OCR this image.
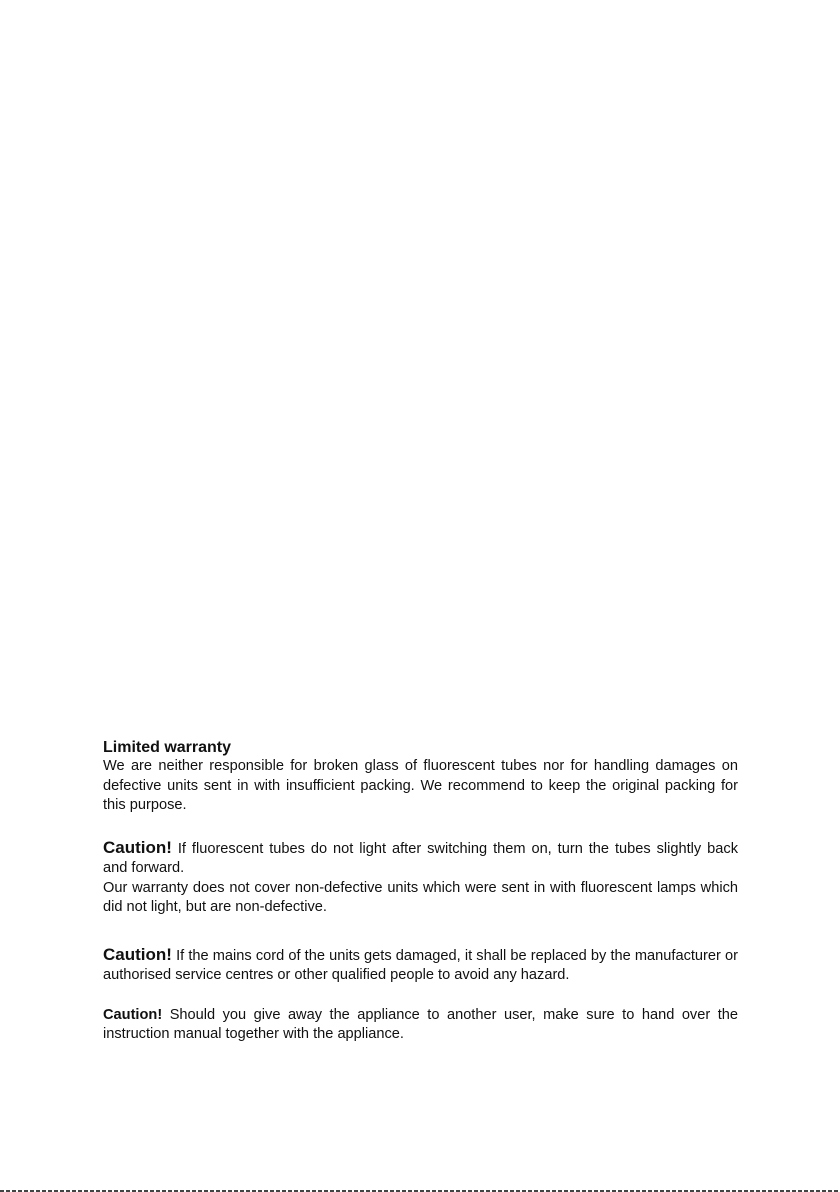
Limited warranty

We are neither responsible for broken glass of fluorescent tubes nor for handling damages on defective units sent in with insufficient packing. We recommend to keep the original packing for this purpose.

Caution! If fluorescent tubes do not light after switching them on, turn the tubes slightly back and forward.

Our warranty does not cover non-defective units which were sent in with fluorescent lamps which did not light, but are non-defective.

Caution! If the mains cord of the units gets damaged, it shall be replaced by the manufacturer or authorised service centres or other qualified people to avoid any hazard.

Caution! Should you give away the appliance to another user, make sure to hand over the instruction manual together with the appliance.
